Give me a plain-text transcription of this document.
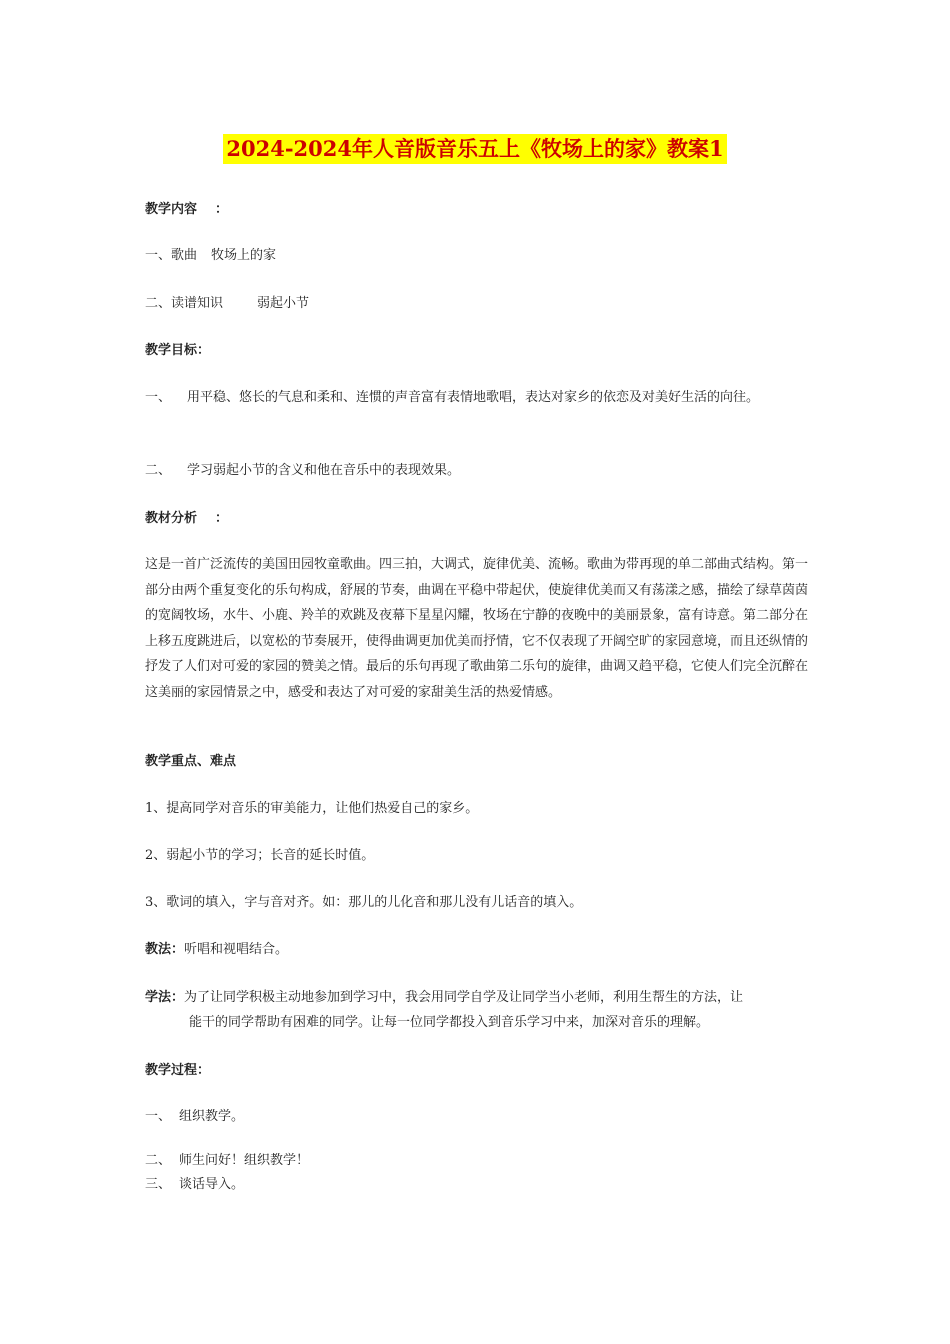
2024-2024年人音版音乐五上《牧场上的家》教案1
教学内容 ：
一、歌曲 牧场上的家
二、读谱知识	弱起小节
教学目标：
一、 用平稳、悠长的气息和柔和、连惯的声音富有表情地歌唱，表达对家乡的依恋及对美好生活的向往。
二、 学习弱起小节的含义和他在音乐中的表现效果。
教材分析 ：
这是一首广泛流传的美国田园牧童歌曲。四三拍，大调式，旋律优美、流畅。歌曲为带再现的单二部曲式结构。第一部分由两个重复变化的乐句构成，舒展的节奏，曲调在平稳中带起伏，使旋律优美而又有荡漾之感，描绘了绿草茵茵的宽阔牧场，水牛、小鹿、羚羊的欢跳及夜幕下星星闪耀，牧场在宁静的夜晚中的美丽景象，富有诗意。第二部分在上移五度跳进后，以宽松的节奏展开，使得曲调更加优美而抒情，它不仅表现了开阔空旷的家园意境，而且还纵情的抒发了人们对可爱的家园的赞美之情。最后的乐句再现了歌曲第二乐句的旋律，曲调又趋平稳，它使人们完全沉醉在这美丽的家园情景之中，感受和表达了对可爱的家甜美生活的热爱情感。
教学重点、难点
1、提高同学对音乐的审美能力，让他们热爱自己的家乡。
2、弱起小节的学习；长音的延长时值。
3、歌词的填入，字与音对齐。如：那儿的儿化音和那儿没有儿话音的填入。
教法：听唱和视唱结合。
学法：为了让同学积极主动地参加到学习中，我会用同学自学及让同学当小老师，利用生帮生的方法，让
能干的同学帮助有困难的同学。让每一位同学都投入到音乐学习中来，加深对音乐的理解。
教学过程：
一、 组织教学。
二、 师生问好！组织教学！
三、 谈话导入。
